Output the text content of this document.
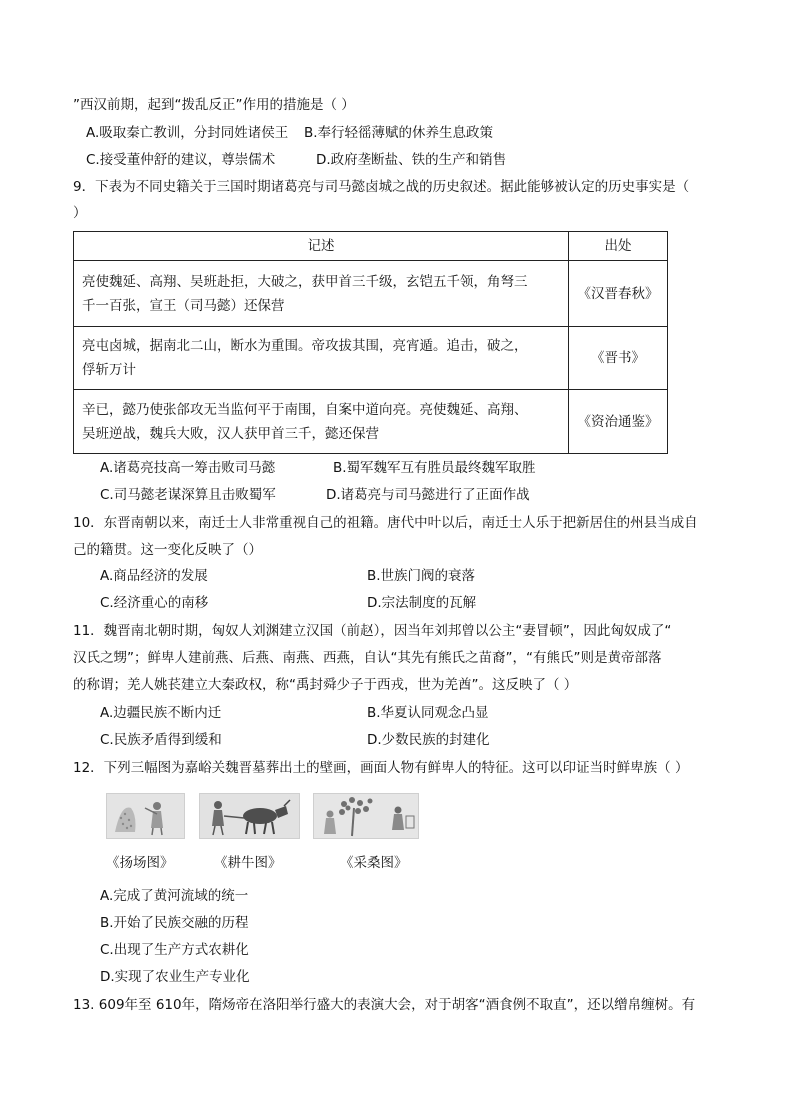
”西汉前期，起到“拨乱反正”作用的措施是（ ）
A.吸取秦亡教训，分封同姓诸侯王 B.奉行轻徭薄赋的休养生息政策
C.接受董仲舒的建议，尊崇儒术	D.政府垄断盐、铁的生产和销售
9．下表为不同史籍关于三国时期诸葛亮与司马懿卤城之战的历史叙述。据此能够被认定的历史事实是（
）
记述	出处

亮使魏延、高翔、吴班赴拒，大破之，获甲首三千级，玄铠五千领，角弩三
千一百张，宣王（司马懿）还保营	《汉晋春秋》

亮屯卤城，据南北二山，断水为重围。帝攻拔其围，亮宵遁。追击，破之，
俘斩万计	《晋书》

辛已，懿乃使张郃攻无当监何平于南围，自案中道向亮。亮使魏延、高翔、
吴班逆战，魏兵大败，汉人获甲首三千，懿还保营	《资治通鉴》
A.诸葛亮技高一筹击败司马懿	B.蜀军魏军互有胜员最终魏军取胜
C.司马懿老谋深算且击败蜀军	D.诸葛亮与司马懿进行了正面作战
10．东晋南朝以来，南迁士人非常重视自己的祖籍。唐代中叶以后，南迁士人乐于把新居住的州县当成自
己的籍贯。这一变化反映了（）
A.商品经济的发展	B.世族门阀的衰落
C.经济重心的南移	D.宗法制度的瓦解
11．魏晋南北朝时期，匈奴人刘渊建立汉国（前赵），因当年刘邦曾以公主“妻冒顿”，因此匈奴成了“
汉氏之甥”；鲜卑人建前燕、后燕、南燕、西燕，自认“其先有熊氏之苗裔”，“有熊氏”则是黄帝部落
的称谓；羌人姚苌建立大秦政权，称“禹封舜少子于西戎，世为羌酋”。这反映了（ ）
A.边疆民族不断内迁	B.华夏认同观念凸显
C.民族矛盾得到缓和	D.少数民族的封建化
12．下列三幅图为嘉峪关魏晋墓葬出土的壁画，画面人物有鲜卑人的特征。这可以印证当时鲜卑族（ ）
《扬场图》	《耕牛图》	《采桑图》
A.完成了黄河流域的统一
B.开始了民族交融的历程
C.出现了生产方式农耕化
D.实现了农业生产专业化
13. 609年至 610年，隋炀帝在洛阳举行盛大的表演大会，对于胡客“酒食例不取直”，还以缯帛缠树。有
